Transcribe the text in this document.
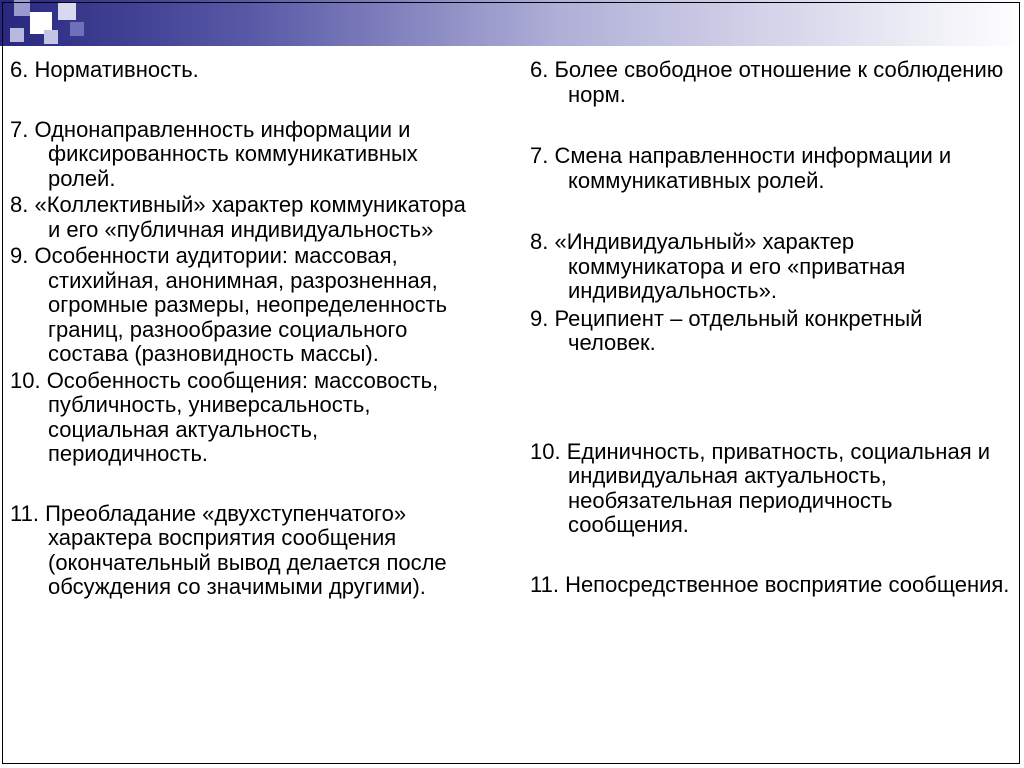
6. Нормативность.

7. Однонаправленность информации и фиксированность коммуникативных ролей.

8. «Коллективный» характер коммуникатора и его «публичная индивидуальность»

9. Особенности аудитории: массовая, стихийная, анонимная, разрозненная, огромные размеры, неопределенность границ, разнообразие социального состава (разновидность массы).

10. Особенность сообщения: массовость, публичность, универсальность, социальная актуальность, периодичность.

11. Преобладание «двухступенчатого» характера восприятия сообщения (окончательный вывод делается после обсуждения со значимыми другими).

6. Более свободное отношение к соблюдению норм.

7. Смена направленности информации и коммуникативных ролей.

8. «Индивидуальный» характер коммуникатора и его «приватная индивидуальность».

9. Реципиент – отдельный конкретный человек.

10. Единичность, приватность, социальная и индивидуальная актуальность, необязательная периодичность сообщения.

11. Непосредственное восприятие сообщения.
